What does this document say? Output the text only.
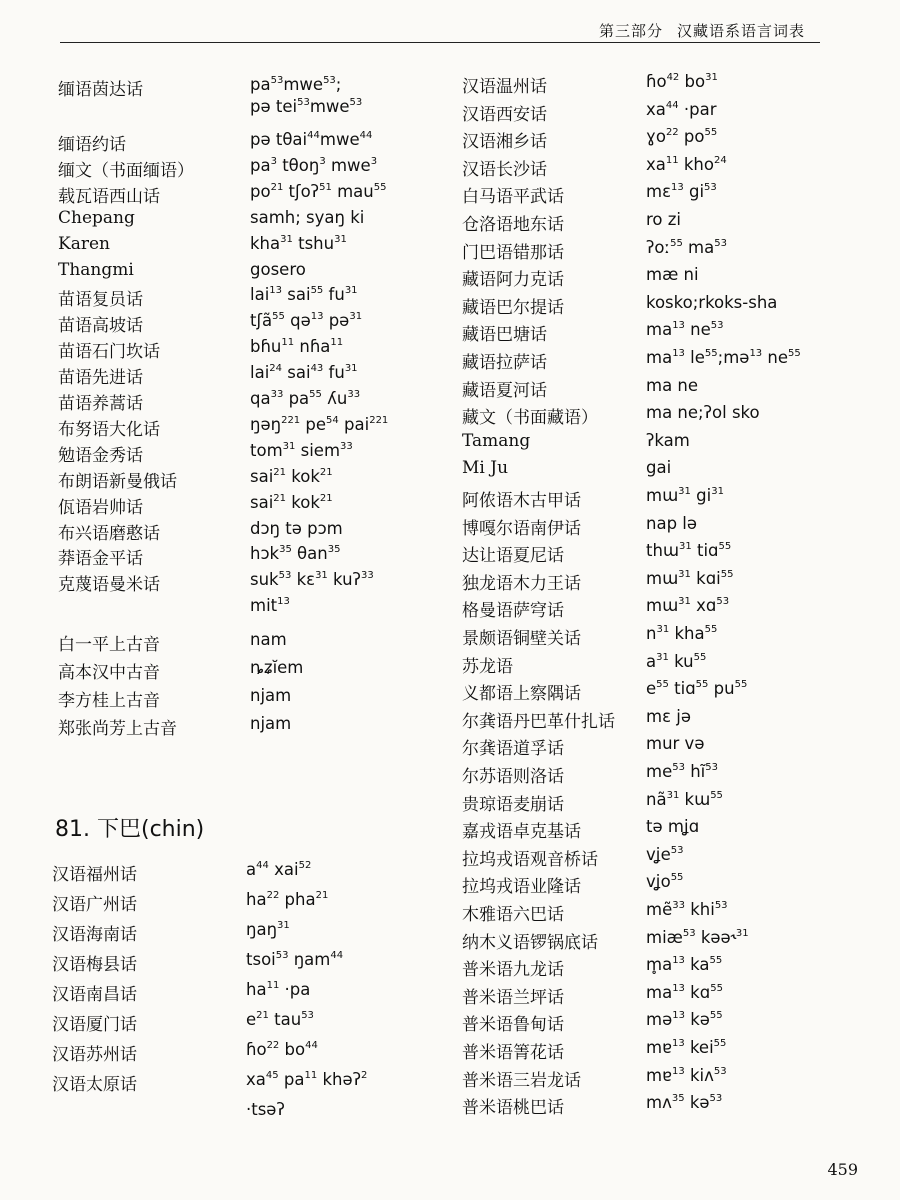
第三部分 汉藏语系语言词表
缅语茵达话	$pa^{53}mwe^{53}$;
pə tei$^{53}$mwe$^{53}$
缅语约话	pə tθai$^{44}$mwe$^{44}$
缅文（书面缅语）	$pa^3$ tθoŋ$^3$ mwe$^3$
载瓦语西山话	$po^{21}$ tʃoʔ$^{51}$ mau$^{55}$
Chepang	samh; syaŋ ki
Karen	kha$^{31}$ tshu$^{31}$
Thangmi	gosero
苗语复员话	lai$^{13}$ sai$^{55}$ $fu^{31}$
苗语高坡话	tʃã$^{55}$ qə$^{13}$ pə$^{31}$
苗语石门坎话	bɦu$^{11}$ nɦa$^{11}$
苗语先进话	lai$^{24}$ sai$^{43}$ $fu^{31}$
苗语养蒿话	$qa^{33}$ $pa^{55}$ ʎu$^{33}$
布努语大化话	ŋəŋ$^{221}$ $pe^{54}$ pai$^{221}$
勉语金秀话	tom$^{31}$ siem$^{33}$
布朗语新曼俄话	sai$^{21}$ kok$^{21}$
佤语岩帅话	sai$^{21}$ kok$^{21}$
布兴语磨憨话	dɔŋ tə pɔm
莽语金平话	hɔk$^{35}$ θan$^{35}$
克蔑语曼米话	suk$^{53}$ kɛ$^{31}$ kuʔ$^{33}$
mit$^{13}$
白一平上古音	nam
高本汉中古音	ȵʑĭem
李方桂上古音	njam
郑张尚芳上古音	njam
汉语福州话	$a^{44}$ xai$^{52}$
汉语广州话	$ha^{22}$ pha$^{21}$
汉语海南话	ŋaŋ$^{31}$
汉语梅县话	tsoi$^{53}$ ŋam$^{44}$
汉语南昌话	$ha^{11} \cdot pa$
汉语厦门话	$e^{21}$ tau$^{53}$
汉语苏州话	ɦo$^{22}$ $bo^{44}$
汉语太原话	$xa^{45}$ $pa^{11}$ khəʔ$^2$
·tsəʔ
汉语温州话	ɦo$^{42}$ $bo^{31}$
汉语西安话	$xa^{44} \cdot par$
汉语湘乡话	ɣo$^{22}$ $po^{55}$
汉语长沙话	$xa^{11}$ kho$^{24}$
白马语平武话	mɛ$^{13}$ $gi^{53}$
仓洛语地东话	ro zi
门巴语错那话	ʔoː$^{55}$ $ma^{53}$
藏语阿力克话	mæ ni
藏语巴尔提话	kosko;rkoks-sha
藏语巴塘话	$ma^{13}$ $ne^{53}$
藏语拉萨话	$ma^{13}$ $le^{55};mə^{13}$ $ne^{55}$
藏语夏河话	ma ne
藏文（书面藏语）	ma ne;ʔol sko
Tamang	ʔkam
Mi Ju	gai
阿侬语木古甲话	mɯ$^{31}$ $gi^{31}$
博嘎尔语南伊话	nap lə
达让语夏尼话	thɯ$^{31}$ tiɑ$^{55}$
独龙语木力王话	mɯ$^{31}$ kɑi$^{55}$
格曼语萨穹话	mɯ$^{31}$ xɑ$^{53}$
景颇语铜壁关话	$n^{31}$ kha$^{55}$
苏龙语	$a^{31}$ $ku^{55}$
义都语上察隅话	$e^{55}$ tiɑ$^{55}$ $pu^{55}$
尔龚语丹巴革什扎话 mɛ jə
尔龚语道孚话	mur və
尔苏语则洛话	$me^{53}$ $hĩ^{53}$
贵琼语麦崩话	$nã^{31}$ kɯ$^{55}$
嘉戎语卓克基话	tə mʝɑ
拉坞戎语观音桥话	vʝe$^{53}$
拉坞戎语业隆话	vʝo$^{55}$
木雅语六巴话	mẽ$^{33}$ khi$^{53}$
纳木义语锣锅底话	miæ$^{53}$ kəə˞$^{31}$
普米语九龙话	$m̥a^{13}$ $ka^{55}$
普米语兰坪话	$ma^{13}$ kɑ$^{55}$
普米语鲁甸话	mə$^{13}$ kə$^{55}$
普米语箐花话	mɐ$^{13}$ kei$^{55}$
普米语三岩龙话	mɐ$^{13}$ kiʌ$^{53}$
普米语桃巴话	mʌ$^{35}$ kə$^{53}$
81. 下巴(chin)
459
